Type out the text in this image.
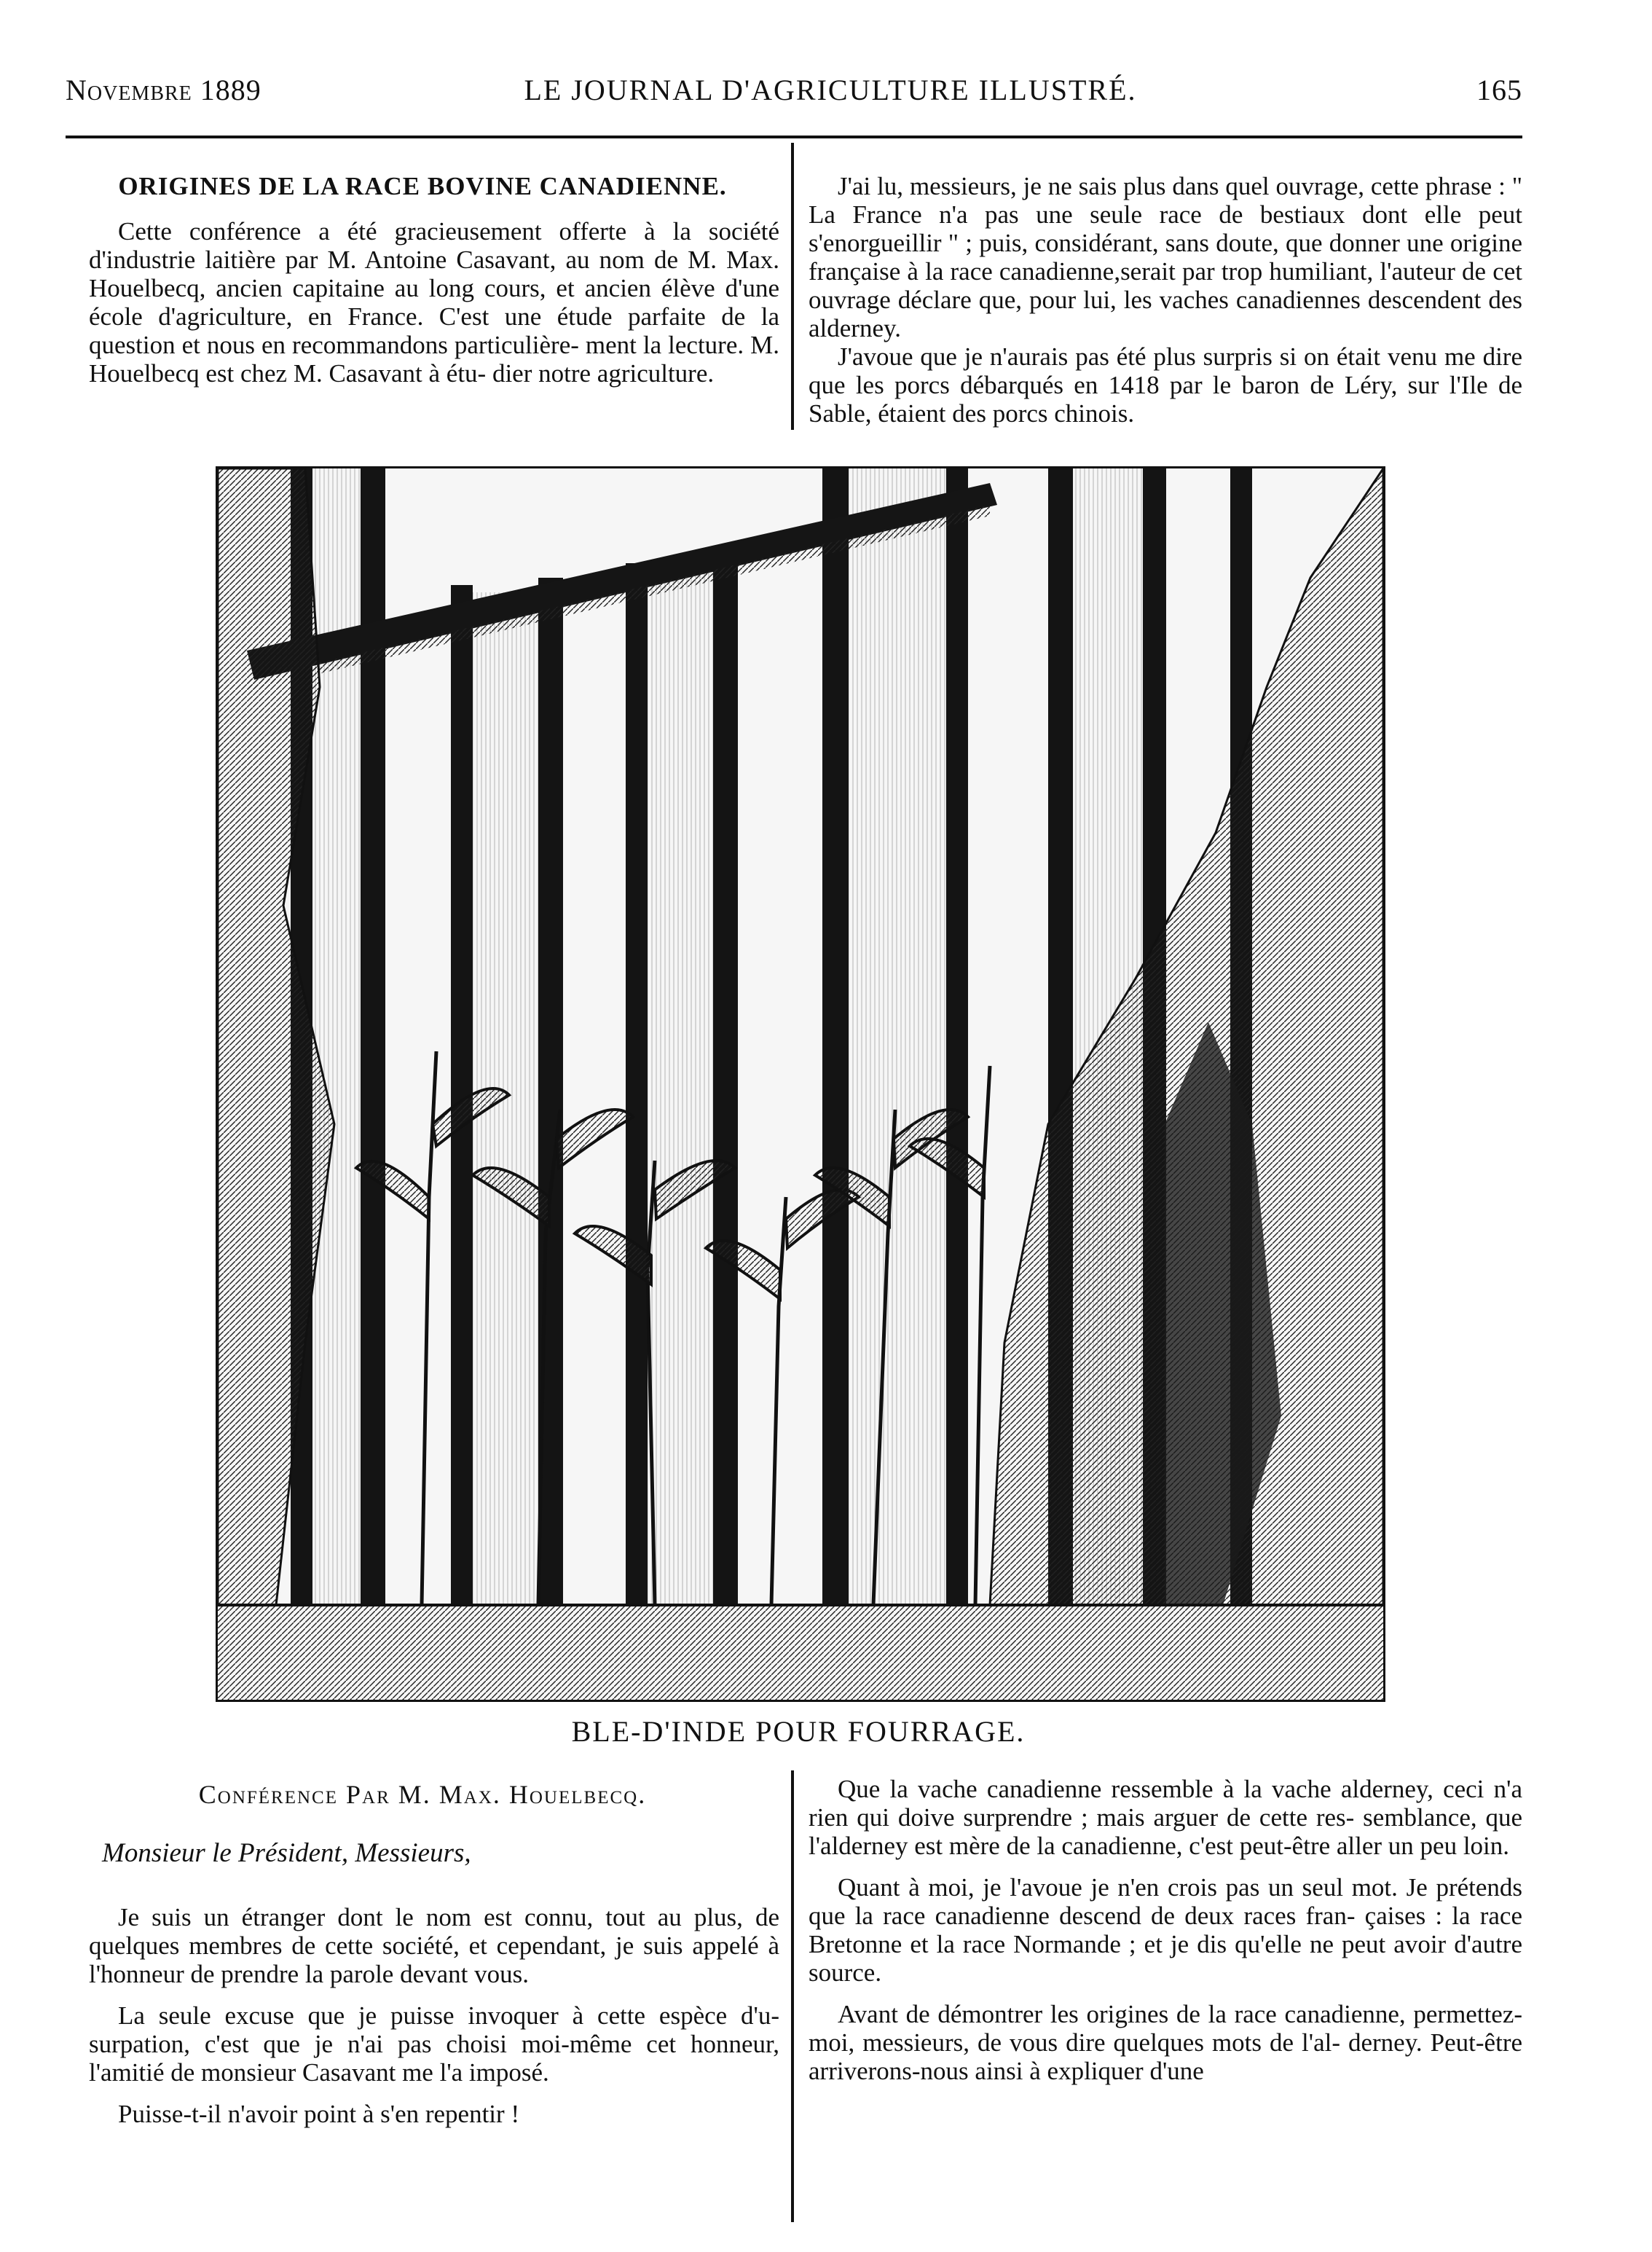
Novembre 1889	LE JOURNAL D'AGRICULTURE ILLUSTRÉ.	165
ORIGINES DE LA RACE BOVINE CANADIENNE.

Cette conférence a été gracieusement offerte à la société d'industrie laitière par M. Antoine Casavant, au nom de M. Max. Houelbecq, ancien capitaine au long cours, et ancien élève d'une école d'agriculture, en France. C'est une étude parfaite de la question et nous en recommandons particulière- ment la lecture. M. Houelbecq est chez M. Casavant à étu- dier notre agriculture.

J'ai lu, messieurs, je ne sais plus dans quel ouvrage, cette phrase : " La France n'a pas une seule race de bestiaux dont elle peut s'enorgueillir " ; puis, considérant, sans doute, que donner une origine française à la race canadienne,serait par trop humiliant, l'auteur de cet ouvrage déclare que, pour lui, les vaches canadiennes descendent des alderney.

J'avoue que je n'aurais pas été plus surpris si on était venu me dire que les porcs débarqués en 1418 par le baron de Léry, sur l'Ile de Sable, étaient des porcs chinois.

BLE-D'INDE POUR FOURRAGE.
Conférence Par M. Max. Houelbecq.
Monsieur le Président, Messieurs,

Je suis un étranger dont le nom est connu, tout au plus, de quelques membres de cette société, et cependant, je suis appelé à l'honneur de prendre la parole devant vous.

La seule excuse que je puisse invoquer à cette espèce d'u- surpation, c'est que je n'ai pas choisi moi-même cet honneur, l'amitié de monsieur Casavant me l'a imposé.

Puisse-t-il n'avoir point à s'en repentir !

Que la vache canadienne ressemble à la vache alderney, ceci n'a rien qui doive surprendre ; mais arguer de cette res- semblance, que l'alderney est mère de la canadienne, c'est peut-être aller un peu loin.

Quant à moi, je l'avoue je n'en crois pas un seul mot. Je prétends que la race canadienne descend de deux races fran- çaises : la race Bretonne et la race Normande ; et je dis qu'elle ne peut avoir d'autre source.

Avant de démontrer les origines de la race canadienne, permettez-moi, messieurs, de vous dire quelques mots de l'al- derney. Peut-être arriverons-nous ainsi à expliquer d'une
